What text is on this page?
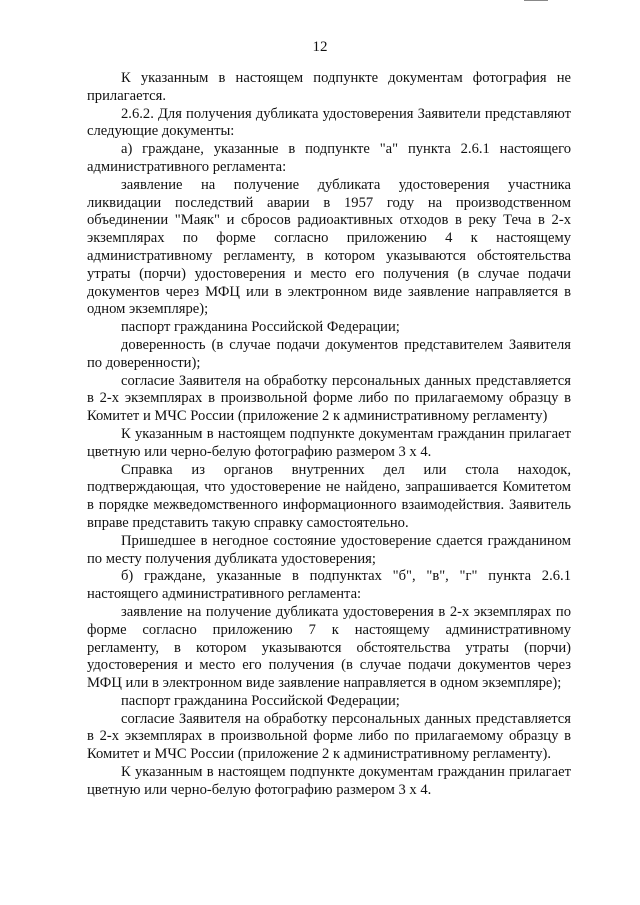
12

К указанным в настоящем подпункте документам фотография не прилагается.

2.6.2. Для получения дубликата удостоверения Заявители представляют следующие документы:

а) граждане, указанные в подпункте "а" пункта 2.6.1 настоящего административного регламента:

заявление на получение дубликата удостоверения участника ликвидации последствий аварии в 1957 году на производственном объединении "Маяк" и сбросов радиоактивных отходов в реку Теча в 2-х экземплярах по форме согласно приложению 4 к настоящему административному регламенту, в котором указываются обстоятельства утраты (порчи) удостоверения и место его получения (в случае подачи документов через МФЦ или в электронном виде заявление направляется в одном экземпляре);

паспорт гражданина Российской Федерации;

доверенность (в случае подачи документов представителем Заявителя по доверенности);

согласие Заявителя на обработку персональных данных представляется в 2-х экземплярах в произвольной форме либо по прилагаемому образцу в Комитет и МЧС России (приложение 2 к административному регламенту)

К указанным в настоящем подпункте документам гражданин прилагает цветную или черно-белую фотографию размером 3 х 4.

Справка из органов внутренних дел или стола находок, подтверждающая, что удостоверение не найдено, запрашивается Комитетом в порядке межведомственного информационного взаимодействия. Заявитель вправе представить такую справку самостоятельно.

Пришедшее в негодное состояние удостоверение сдается гражданином по месту получения дубликата удостоверения;

б) граждане, указанные в подпунктах "б", "в", "г" пункта 2.6.1 настоящего административного регламента:

заявление на получение дубликата удостоверения в 2-х экземплярах по форме согласно приложению 7 к настоящему административному регламенту, в котором указываются обстоятельства утраты (порчи) удостоверения и место его получения (в случае подачи документов через МФЦ или в электронном виде заявление направляется в одном экземпляре);

паспорт гражданина Российской Федерации;

согласие Заявителя на обработку персональных данных представляется в 2-х экземплярах в произвольной форме либо по прилагаемому образцу в Комитет и МЧС России (приложение 2 к административному регламенту).

К указанным в настоящем подпункте документам гражданин прилагает цветную или черно-белую фотографию размером 3 х 4.
